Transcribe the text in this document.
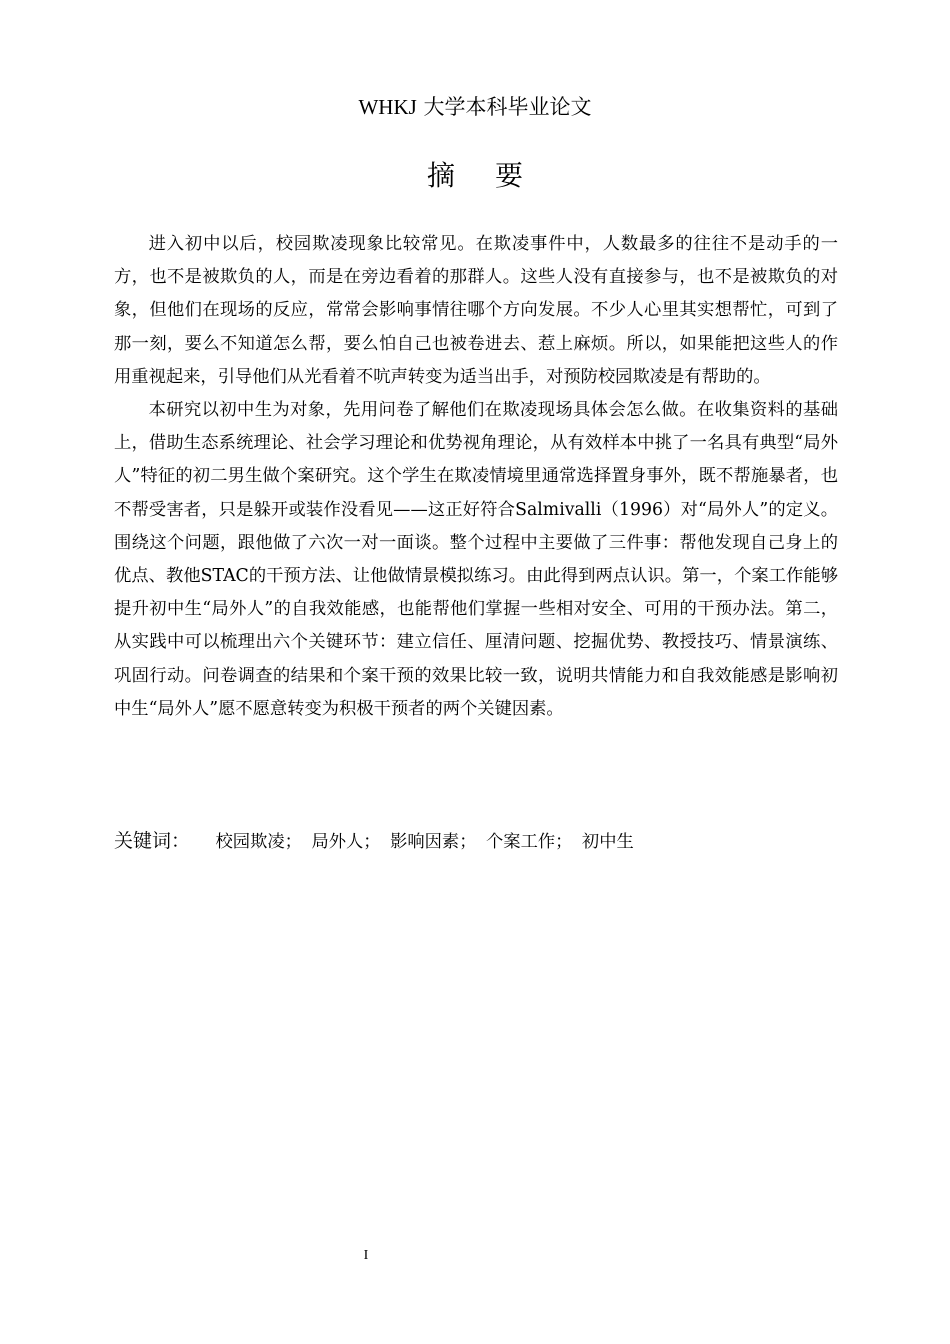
WHKJ 大学本科毕业论文
摘要

进入初中以后，校园欺凌现象比较常见。在欺凌事件中，人数最多的往往不是动手的一方，也不是被欺负的人，而是在旁边看着的那群人。这些人没有直接参与，也不是被欺负的对象，但他们在现场的反应，常常会影响事情往哪个方向发展。不少人心里其实想帮忙，可到了那一刻，要么不知道怎么帮，要么怕自己也被卷进去、惹上麻烦。所以，如果能把这些人的作用重视起来，引导他们从光看着不吭声转变为适当出手，对预防校园欺凌是有帮助的。

本研究以初中生为对象，先用问卷了解他们在欺凌现场具体会怎么做。在收集资料的基础上，借助生态系统理论、社会学习理论和优势视角理论，从有效样本中挑了一名具有典型“局外人”特征的初二男生做个案研究。这个学生在欺凌情境里通常选择置身事外，既不帮施暴者，也不帮受害者，只是躲开或装作没看见——这正好符合Salmivalli（1996）对“局外人”的定义。围绕这个问题，跟他做了六次一对一面谈。整个过程中主要做了三件事：帮他发现自己身上的优点、教他STAC的干预方法、让他做情景模拟练习。由此得到两点认识。第一，个案工作能够提升初中生“局外人”的自我效能感，也能帮他们掌握一些相对安全、可用的干预办法。第二，从实践中可以梳理出六个关键环节：建立信任、厘清问题、挖掘优势、教授技巧、情景演练、巩固行动。问卷调查的结果和个案干预的效果比较一致，说明共情能力和自我效能感是影响初中生“局外人”愿不愿意转变为积极干预者的两个关键因素。

关键词： 校园欺凌； 局外人； 影响因素； 个案工作； 初中生
I
